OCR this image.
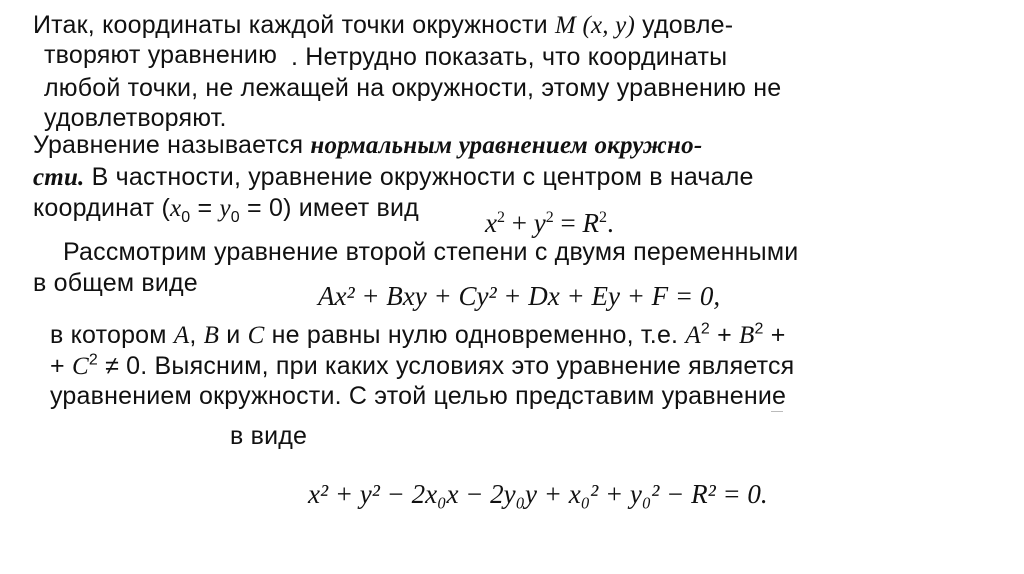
Итак, координаты каждой точки окружности M (x, y) удовле-
творяют уравнению . Нетрудно показать, что координаты
любой точки, не лежащей на окружности, этому уравнению не
удовлетворяют.
Уравнение называется нормальным уравнением окружно-
сти. В частности, уравнение окружности с центром в начале
координат $(x_0 = y_0 = 0)$ имеет вид $x^2 + y^2 = R^2$.
Рассмотрим уравнение второй степени с двумя переменными
в общем виде	Ax² + Bxy + Cy² + Dx + Ey + F = 0,
в котором A, B и C не равны нулю одновременно, т.е. $A^2 + B^2$ +
+ $C^2 \ne 0$. Выясним, при каких условиях это уравнение является
уравнением окружности. С этой целью представим уравнение
в виде
x² + y² − 2x₀x − 2y₀y + x₀² + y₀² − R² = 0.
